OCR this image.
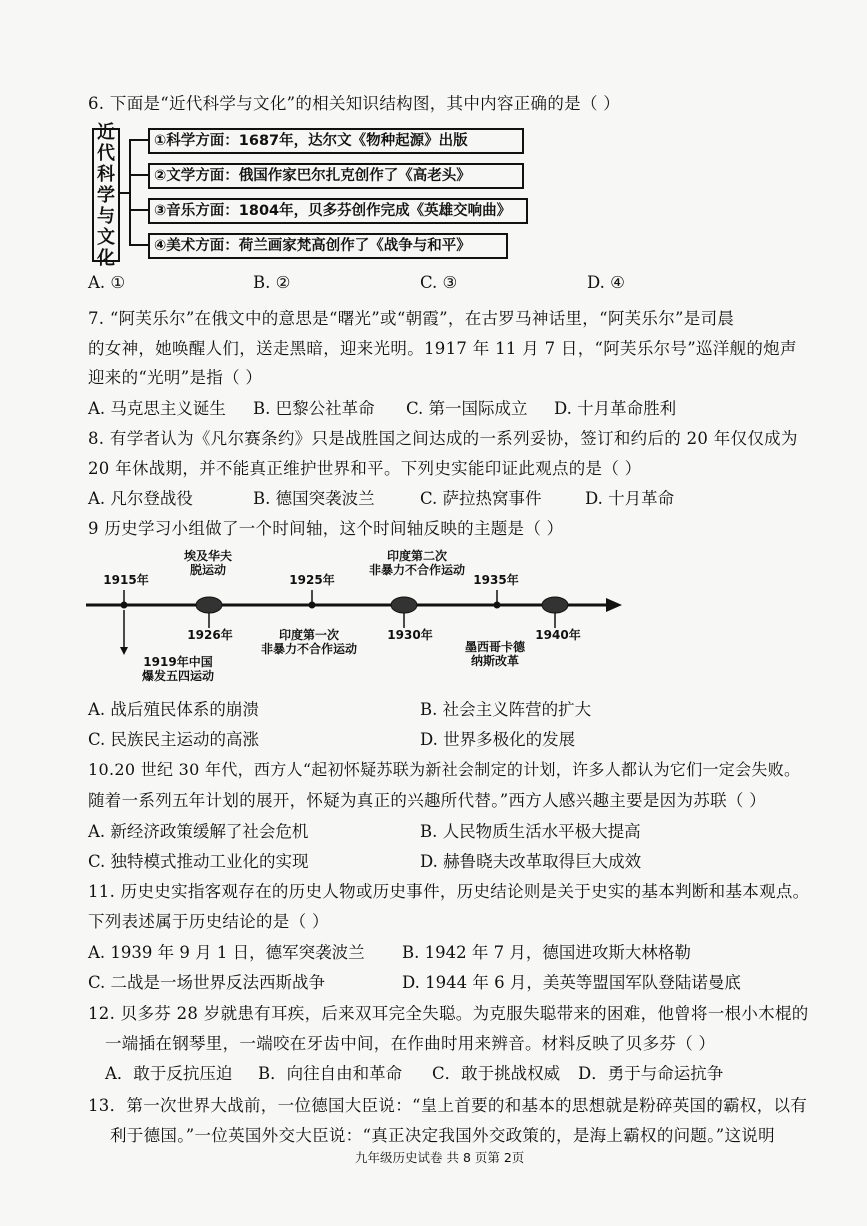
6. 下面是“近代科学与文化”的相关知识结构图，其中内容正确的是（ ）
近
代
科
学
与
文
化
①科学方面：1687年，达尔文《物种起源》出版
②文学方面：俄国作家巴尔扎克创作了《高老头》
③音乐方面：1804年，贝多芬创作完成《英雄交响曲》
④美术方面：荷兰画家梵高创作了《战争与和平》
A. ①	B. ②	C. ③	D. ④
7. “阿芙乐尔”在俄文中的意思是“曙光”或“朝霞”，在古罗马神话里，“阿芙乐尔”是司晨
的女神，她唤醒人们，送走黑暗，迎来光明。1917 年 11 月 7 日，“阿芙乐尔号”巡洋舰的炮声
迎来的“光明”是指（ ）
A. 马克思主义诞生 B. 巴黎公社革命 C. 第一国际成立 D. 十月革命胜利
8. 有学者认为《凡尔赛条约》只是战胜国之间达成的一系列妥协，签订和约后的 20 年仅仅成为
20 年休战期，并不能真正维护世界和平。下列史实能印证此观点的是（ ）
A. 凡尔登战役	B. 德国突袭波兰	C. 萨拉热窝事件	D. 十月革命
9 历史学习小组做了一个时间轴，这个时间轴反映的主题是（ ）
埃及华夫
脱运动
1915年	1925年
印度第二次
非暴力不合作运动
1935年
1926年	印度第一次
非暴力不合作运动
1930年
墨西哥卡德
纳斯改革
1940年
1919年中国
爆发五四运动
A. 战后殖民体系的崩溃	B. 社会主义阵营的扩大
C. 民族民主运动的高涨	D. 世界多极化的发展
10.20 世纪 30 年代，西方人“起初怀疑苏联为新社会制定的计划，许多人都认为它们一定会失败。
随着一系列五年计划的展开，怀疑为真正的兴趣所代替。”西方人感兴趣主要是因为苏联（ ）
A. 新经济政策缓解了社会危机	B. 人民物质生活水平极大提高
C. 独特模式推动工业化的实现	D. 赫鲁晓夫改革取得巨大成效
11. 历史史实指客观存在的历史人物或历史事件，历史结论则是关于史实的基本判断和基本观点。
下列表述属于历史结论的是（ ）
A. 1939 年 9 月 1 日，德军突袭波兰 B. 1942 年 7 月，德国进攻斯大林格勒
C. 二战是一场世界反法西斯战争	D. 1944 年 6 月，美英等盟国军队登陆诺曼底
12. 贝多芬 28 岁就患有耳疾，后来双耳完全失聪。为克服失聪带来的困难，他曾将一根小木棍的
一端插在钢琴里，一端咬在牙齿中间，在作曲时用来辨音。材料反映了贝多芬（ ）
A．敢于反抗压迫 B．向往自由和革命 C．敢于挑战权威 D．勇于与命运抗争
13．第一次世界大战前，一位德国大臣说：“皇上首要的和基本的思想就是粉碎英国的霸权，以有
利于德国。”一位英国外交大臣说：“真正决定我国外交政策的，是海上霸权的问题。”这说明
九年级历史试卷 共 8 页第 2页
